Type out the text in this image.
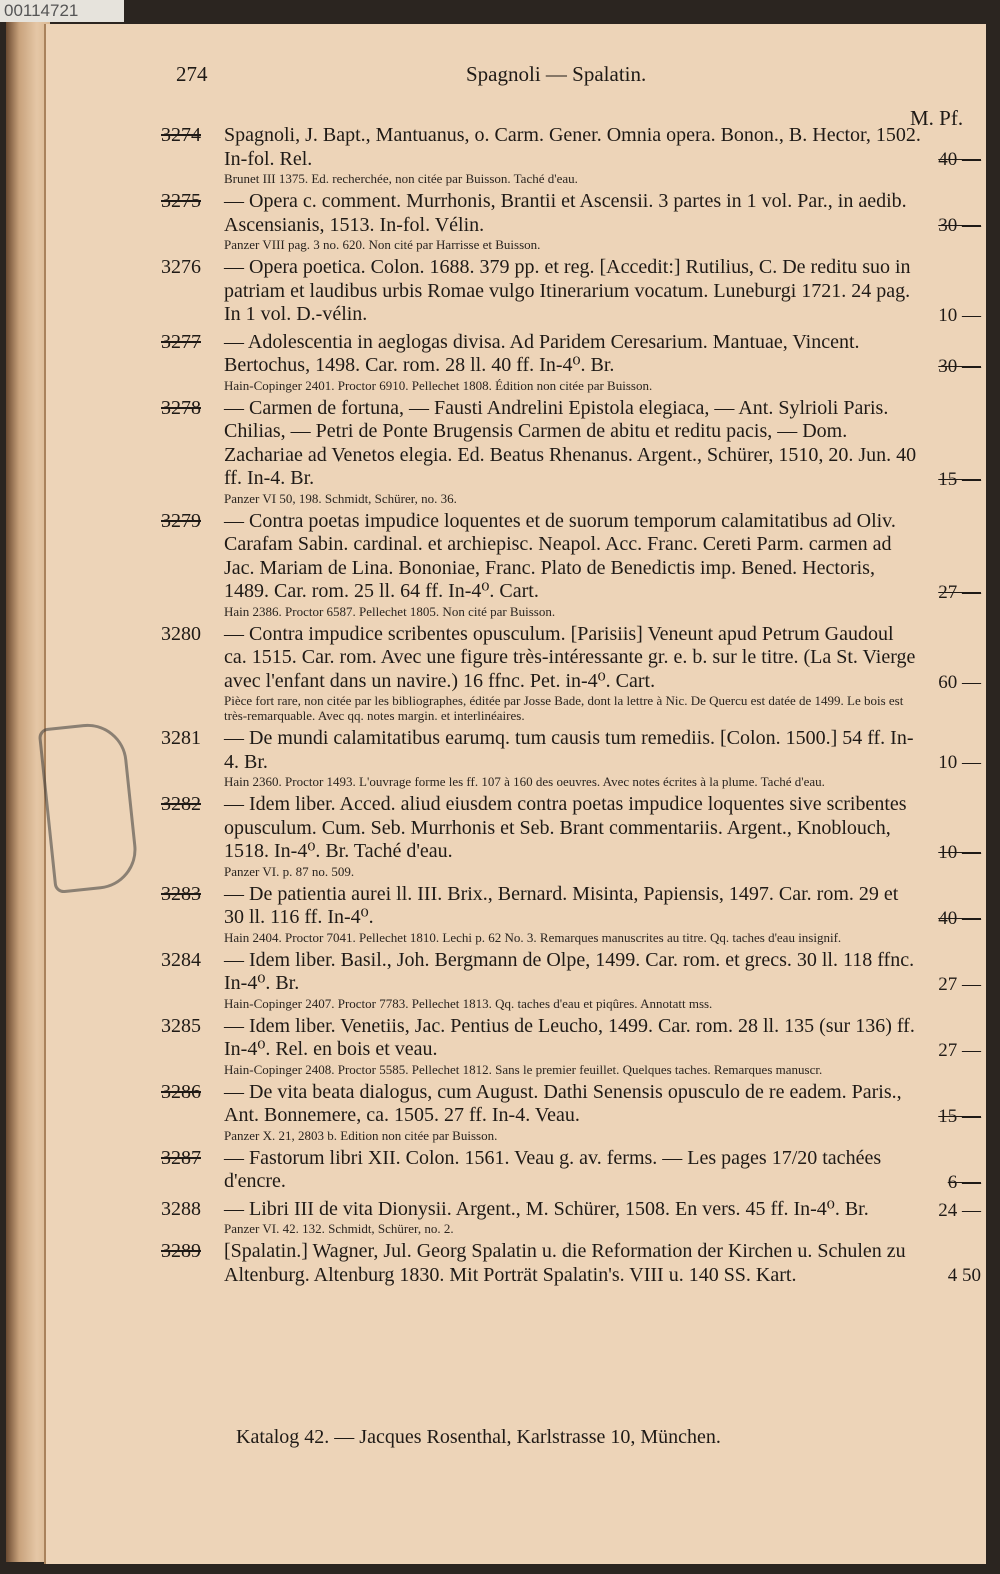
00114721
274	Spagnoli — Spalatin.
M. Pf.
3274 Spagnoli, J. Bapt., Mantuanus, o. Carm. Gener. Omnia opera. Bonon., B. Hector, 1502. In-fol. Rel.	40 —
Brunet III 1375. Ed. recherchée, non citée par Buisson. Taché d'eau.
3275 — Opera c. comment. Murrhonis, Brantii et Ascensii. 3 partes in 1 vol. Par., in aedib. Ascensianis, 1513. In-fol. Vélin.	30 —
Panzer VIII pag. 3 no. 620. Non cité par Harrisse et Buisson.
3276 — Opera poetica. Colon. 1688. 379 pp. et reg. [Accedit:] Rutilius, C. De reditu suo in patriam et laudibus urbis Romae vulgo Itinerarium vocatum. Luneburgi 1721. 24 pag. In 1 vol. D.-vélin.	10 —
3277 — Adolescentia in aeglogas divisa. Ad Paridem Ceresarium. Mantuae, Vincent. Bertochus, 1498. Car. rom. 28 ll. 40 ff. In-4⁰. Br.	30 —
Hain-Copinger 2401. Proctor 6910. Pellechet 1808. Édition non citée par Buisson.
3278 — Carmen de fortuna, — Fausti Andrelini Epistola elegiaca, — Ant. Sylrioli Paris. Chilias, — Petri de Ponte Brugensis Carmen de abitu et reditu pacis, — Dom. Zachariae ad Venetos elegia. Ed. Beatus Rhenanus. Argent., Schürer, 1510, 20. Jun. 40 ff. In-4. Br.	15 —
Panzer VI 50, 198. Schmidt, Schürer, no. 36.
3279 — Contra poetas impudice loquentes et de suorum temporum calamitatibus ad Oliv. Carafam Sabin. cardinal. et archiepisc. Neapol. Acc. Franc. Cereti Parm. carmen ad Jac. Mariam de Lina. Bononiae, Franc. Plato de Benedictis imp. Bened. Hectoris, 1489. Car. rom. 25 ll. 64 ff. In-4⁰. Cart.	27 —
Hain 2386. Proctor 6587. Pellechet 1805. Non cité par Buisson.
3280 — Contra impudice scribentes opusculum. [Parisiis] Veneunt apud Petrum Gaudoul ca. 1515. Car. rom. Avec une figure très-intéressante gr. e. b. sur le titre. (La St. Vierge avec l'enfant dans un navire.) 16 ffnc. Pet. in-4⁰. Cart.	60 —
Pièce fort rare, non citée par les bibliographes, éditée par Josse Bade, dont la lettre à Nic. De Quercu est datée de 1499. Le bois est très-remarquable. Avec qq. notes margin. et interlinéaires.
3281 — De mundi calamitatibus earumq. tum causis tum remediis. [Colon. 1500.] 54 ff. In-4. Br.	10 —
Hain 2360. Proctor 1493. L'ouvrage forme les ff. 107 à 160 des oeuvres. Avec notes écrites à la plume. Taché d'eau.
3282 — Idem liber. Acced. aliud eiusdem contra poetas impudice loquentes sive scribentes opusculum. Cum. Seb. Murrhonis et Seb. Brant commentariis. Argent., Knoblouch, 1518. In-4⁰. Br. Taché d'eau.	10 —
Panzer VI. p. 87 no. 509.
3283 — De patientia aurei ll. III. Brix., Bernard. Misinta, Papiensis, 1497. Car. rom. 29 et 30 ll. 116 ff. In-4⁰.	40 —
Hain 2404. Proctor 7041. Pellechet 1810. Lechi p. 62 No. 3. Remarques manuscrites au titre. Qq. taches d'eau insignif.
3284 — Idem liber. Basil., Joh. Bergmann de Olpe, 1499. Car. rom. et grecs. 30 ll. 118 ffnc. In-4⁰. Br.	27 —
Hain-Copinger 2407. Proctor 7783. Pellechet 1813. Qq. taches d'eau et piqûres. Annotatt mss.
3285 — Idem liber. Venetiis, Jac. Pentius de Leucho, 1499. Car. rom. 28 ll. 135 (sur 136) ff. In-4⁰. Rel. en bois et veau.	27 —
Hain-Copinger 2408. Proctor 5585. Pellechet 1812. Sans le premier feuillet. Quelques taches. Remarques manuscr.
3286 — De vita beata dialogus, cum August. Dathi Senensis opusculo de re eadem. Paris., Ant. Bonnemere, ca. 1505. 27 ff. In-4. Veau.	15 —
Panzer X. 21, 2803 b. Edition non citée par Buisson.
3287 — Fastorum libri XII. Colon. 1561. Veau g. av. ferms. — Les pages 17/20 tachées d'encre.	6 —
3288 — Libri III de vita Dionysii. Argent., M. Schürer, 1508. En vers. 45 ff. In-4⁰. Br.	24 —
Panzer VI. 42. 132. Schmidt, Schürer, no. 2.
3289 [Spalatin.] Wagner, Jul. Georg Spalatin u. die Reformation der Kirchen u. Schulen zu Altenburg. Altenburg 1830. Mit Porträt Spalatin's. VIII u. 140 SS. Kart.	4 50
Katalog 42. — Jacques Rosenthal, Karlstrasse 10, München.
